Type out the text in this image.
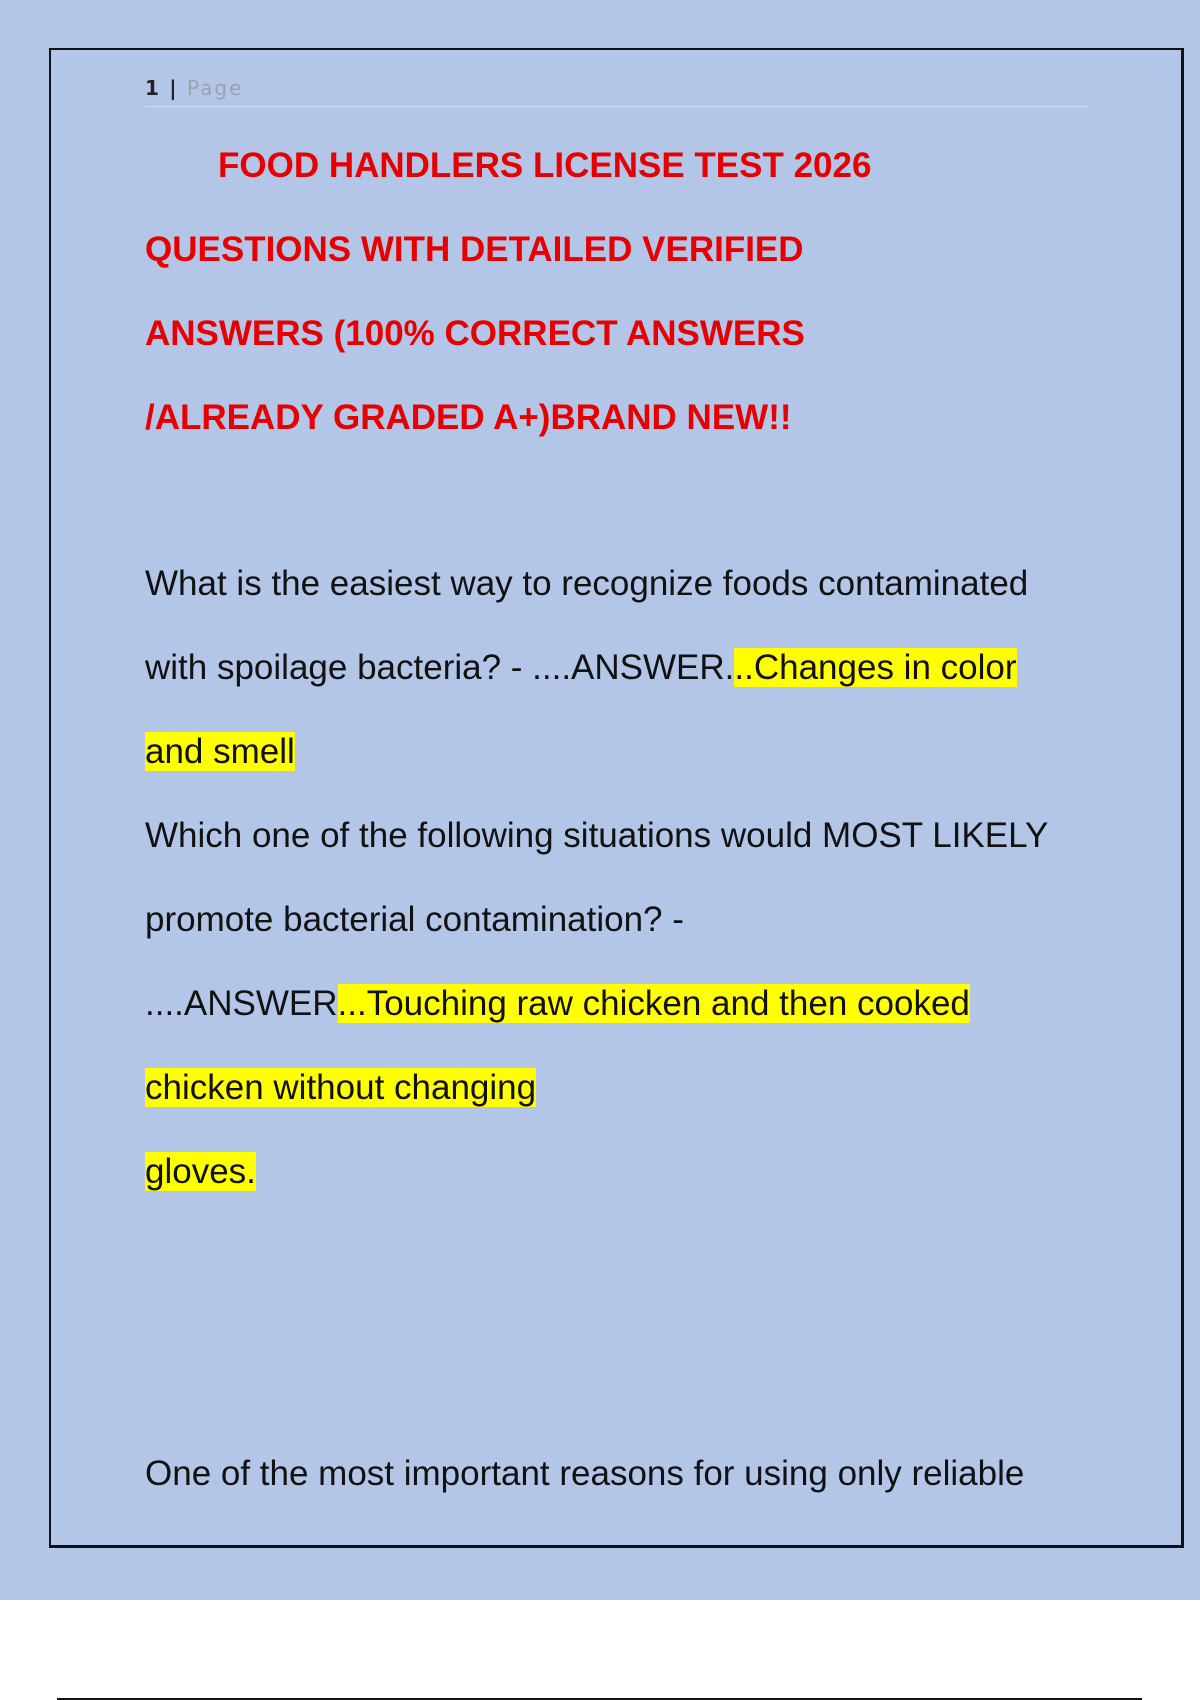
1 | Page
FOOD HANDLERS LICENSE TEST 2026
QUESTIONS WITH DETAILED VERIFIED
ANSWERS (100% CORRECT ANSWERS
/ALREADY GRADED A+)BRAND NEW!!
What is the easiest way to recognize foods contaminated
with spoilage bacteria? - ....ANSWER...Changes in color
and smell
Which one of the following situations would MOST LIKELY
promote bacterial contamination? -
....ANSWER...Touching raw chicken and then cooked
chicken without changing
gloves.
One of the most important reasons for using only reliable
